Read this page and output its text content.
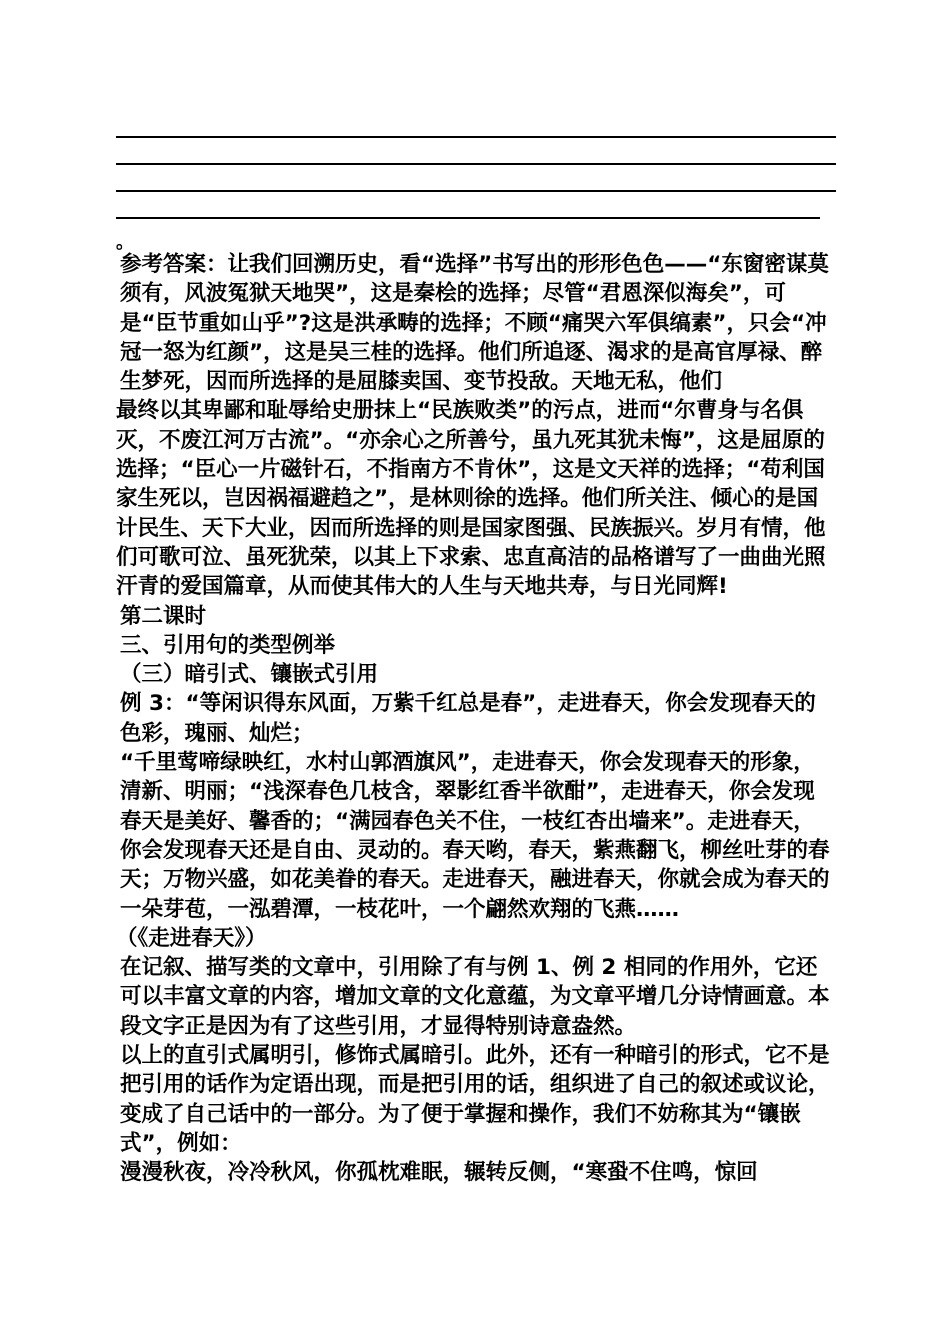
。

参考答案：让我们回溯历史，看“选择”书写出的形形色色——“东窗密谋莫须有，风波冤狱天地哭”，这是秦桧的选择；尽管“君恩深似海矣”，可是“臣节重如山乎”?这是洪承畴的选择；不顾“痛哭六军俱缟素”，只会“冲冠一怒为红颜”，这是吴三桂的选择。他们所追逐、渴求的是高官厚禄、醉生梦死，因而所选择的是屈膝卖国、变节投敌。天地无私，他们

最终以其卑鄙和耻辱给史册抹上“民族败类”的污点，进而“尔曹身与名俱灭，不废江河万古流”。“亦余心之所善兮，虽九死其犹未悔”，这是屈原的选择；“臣心一片磁针石，不指南方不肯休”，这是文天祥的选择；“苟利国家生死以，岂因祸福避趋之”，是林则徐的选择。他们所关注、倾心的是国计民生、天下大业，因而所选择的则是国家图强、民族振兴。岁月有情，他们可歌可泣、虽死犹荣，以其上下求索、忠直高洁的品格谱写了一曲曲光照汗青的爱国篇章，从而使其伟大的人生与天地共寿，与日光同辉!

第二课时

三、引用句的类型例举

（三）暗引式、镶嵌式引用

例 3：“等闲识得东风面，万紫千红总是春”，走进春天，你会发现春天的色彩，瑰丽、灿烂；

“千里莺啼绿映红，水村山郭酒旗风”，走进春天，你会发现春天的形象，清新、明丽；“浅深春色几枝含，翠影红香半欲酣”，走进春天，你会发现春天是美好、馨香的；“满园春色关不住，一枝红杏出墙来”。走进春天，你会发现春天还是自由、灵动的。春天哟，春天，紫燕翻飞，柳丝吐芽的春天；万物兴盛，如花美眷的春天。走进春天，融进春天，你就会成为春天的一朵芽苞，一泓碧潭，一枝花叶，一个翩然欢翔的飞燕……

（《走进春天》）

在记叙、描写类的文章中，引用除了有与例 1、例 2 相同的作用外，它还可以丰富文章的内容，增加文章的文化意蕴，为文章平增几分诗情画意。本段文字正是因为有了这些引用，才显得特别诗意盎然。

以上的直引式属明引，修饰式属暗引。此外，还有一种暗引的形式，它不是把引用的话作为定语出现，而是把引用的话，组织进了自己的叙述或议论，变成了自己话中的一部分。为了便于掌握和操作，我们不妨称其为“镶嵌式”，例如：

漫漫秋夜，冷冷秋风，你孤枕难眠，辗转反侧，“寒蛩不住鸣，惊回
